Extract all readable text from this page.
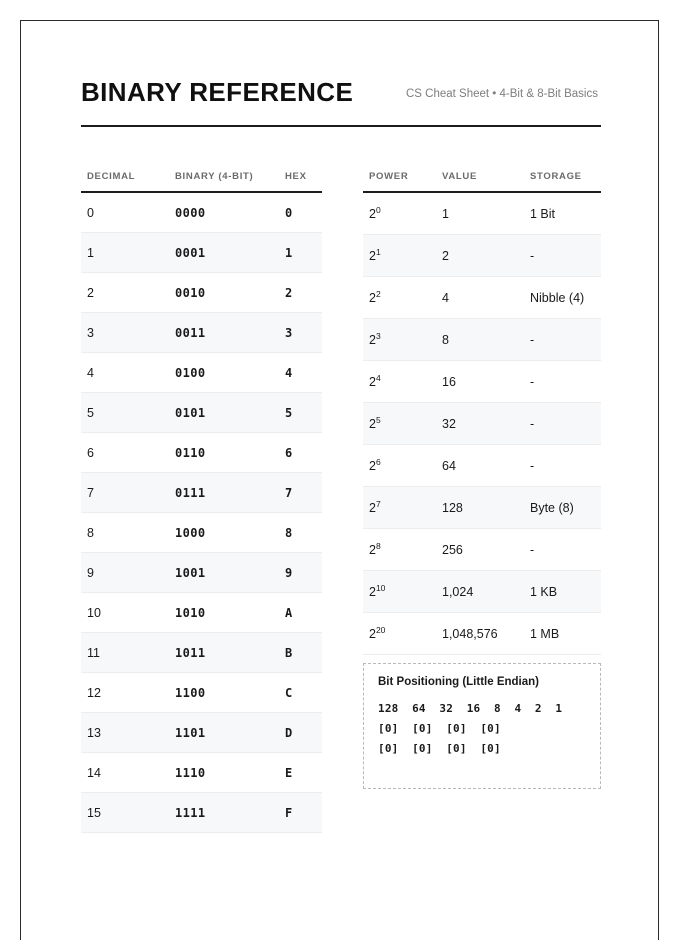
BINARY REFERENCE	CS Cheat Sheet • 4-Bit & 8-Bit Basics
DECIMAL	BINARY (4-BIT)	HEX
0	0000	0
1	0001	1
2	0010	2
3	0011	3
4	0100	4
5	0101	5
6	0110	6
7	0111	7
8	1000	8
9	1001	9
10	1010	A
11	1011	B
12	1100	C
13	1101	D
14	1110	E
15	1111	F
POWER	VALUE	STORAGE
$2^0$	1	1 Bit
$2^1$	2	-
$2^2$	4	Nibble (4)
$2^3$	8	-
$2^4$	16	-
$2^5$	32	-
$2^6$	64	-
$2^7$	128	Byte (8)
$2^8$	256	-
$2^{10}$	1,024	1 KB
$2^{20}$	1,048,576	1 MB
Bit Positioning (Little Endian)
128  64  32  16  8  4  2  1
[0]  [0]  [0]  [0]
[0]  [0]  [0]  [0]
